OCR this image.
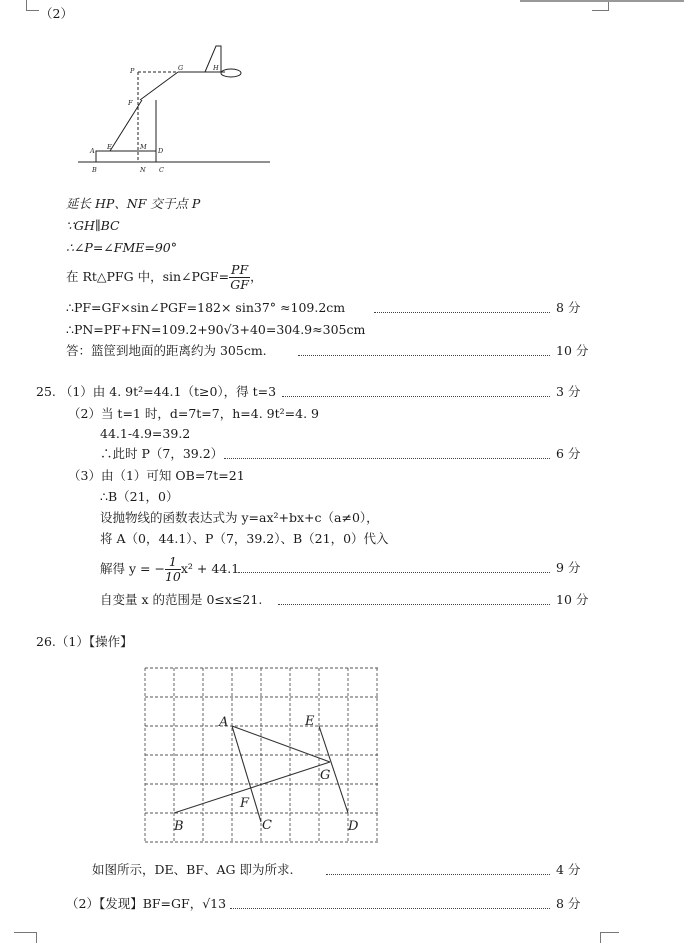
（2）
P	G	H
F
A E	M D
B	N C
延长 HP、NF 交于点 P
∵GH∥BC
∴∠P=∠FME=90°
在 Rt△PFG 中，sin∠PGF= $\frac{PF}{GF}$ ，
∴PF=GF×sin∠PGF=182× sin37° ≈109.2cm	8 分
∴PN=PF+FN=109.2+90√3+40=304.9≈305cm
答：篮筐到地面的距离约为 305cm.	10 分
25. （1）由 4. 9t²=44.1（t≥0），得 t=3	3 分
（2）当 t=1 时，d=7t=7，h=4. 9t²=4. 9
44.1-4.9=39.2
∴此时 P（7，39.2）	6 分
（3）由（1）可知 OB=7t=21
∴B（21，0）
设抛物线的函数表达式为 y=ax²+bx+c（a≠0），
将 A（0，44.1）、P（7，39.2）、B（21，0）代入
解得 y = − $\frac{1}{10} x^2 + 44.1$	9 分
自变量 x 的范围是 0≤x≤21.	10 分
26.（1）【操作】
A	E
G
F
B	C	D
如图所示，DE、BF、AG 即为所求.	4 分
（2）【发现】BF=GF，√13	8 分
